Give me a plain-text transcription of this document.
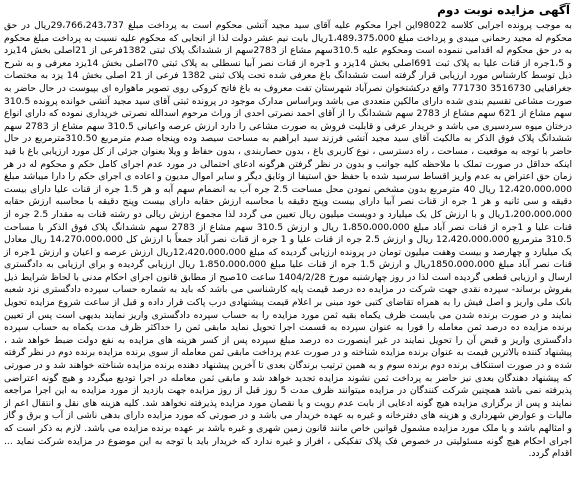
آگهی مزایده نوبت دوم

به موجب پرونده اجرایی کلاسه 98022این اجرا محکوم علیه آقای سید مجید آتشی محکوم است به پرداخت مبلغ 29،766،243،737ریال در حق محکوم له مجید رحمانی میبدی و پرداخت مبلغ 1،489،375،000ریال بابت نیم عشر دولت لذا از انجایی که محکوم علیه نسبت به پرداخت مبلغ محکوم به در حق محکوم له اقدامی ننموده است ومحکوم علیه 310.5سهم مشاع از 2783سهم از ششدانگ پلاک ثبتی 1382فرعی از 21اصلی بخش 14یزد و 1،5جره از قنات عليا به پلاک ثبت 691اصلی بخش 14یزد و 1جره از قنات نصر آبیا نسطلی به پلاک ثبتی 70اصلی بخش 14یزد معرفی و به شرح ذیل توسط کارشناس مورد ارزیابی قرار گرفته است ششدانگ باغ معرفی شده تحت پلاک ثبتی 1382 فرعی از 21 اصلی بخش 14 یزد به مختصات جغرافیایی 3516730 771730 واقع درکشتخوان نصرآباد شهرستان تفت معروف به باغ فاتح کروکی روی تصویر ماهواره ای بپیوست در حال حاضر به صورت مشاعی تقسیم بندی شده دارای مالکین متعددی می باشد وبراساس مدارک موجود در پرونده ثبتی آقای سید مجید آتشی خوانده پرونده 310.5 سهم مشاع از 621 سهم مشاع از 2783 سهم ششدانگ را از آقای احمد نصرتی احدی از وراث مرحوم اسدالله نصرتی خریداری نموده که دارای انواع درختان میوه سردسیری می باشد و خریدار عرفی و قابلیت فروش به صورت مشاعی را دارد ارزش عرصه واعیانی 310.5 سهم مشاع از 2783 سهم ششدانگ پلاک فوق الذکر به مالکیت آقای سید مجید آتشی فرزند سید ابراهیم به مساحت سیصد وده وپنجاه صدم مترمربع 310.50مترمربع در حال حاضر با توجه به موقعیت ، مساحت ، راه دسترسی ، نوع کاربری باغ ، بدون حصاربندی ، بدون حفاظ و ویلا بعنوان جزئی از کل مورد ارزیابی باغ با قید اینکه حداقل در صورت تملک با ملاحظه کلیه جوانب و بدون در نظر گرفتن هرگونه ادعای احتمالی در مورد عدم اجرای کامل حکم و محکوم له در هر زمان حق اعتراض به عدم واریز اقساط سرسید شده با حفظ حق استیفا از وثایق دیگر و سایر اموال مدیون و اعاده ی اجرای حکم را دارا میباشد مبلغ 12،420،000،000 ریال 40 مترمربع بدون مشخص نمودن محل مساحت 2.5 جره آب به انضمام سهم آبه و هر 1.5 جره از قنات علیا دارای بیست دقیقه و سی ثانیه و هر 1 جره از قنات نصر آبیا دارای بیست وپنج دقیقه با محاسبه ارزش حقابه دارای بیست وپنج دقیقه با محاسبه ارزش حقابه 1،200،000،000ریال و با ارزش کل یک میلیارد و دویست میلیون ریال تعیین می گردد لذا مجموع ارزش ریالی دو رشته قنات به مقدار 2.5 جره از قنات علیا و 1جره از قنات نصر آباد مبلغ 1،850،000،000 ریال و ارزش 310.5 سهم مشاع از 2783 سهم ششدانگ پلاک فوق الذکر با مساحت 310.5 مترمربع 12،420،000،000 ریال و ارزش 2.5 جره از قنات علیا و 1 جره از قنات نصر آباد جمعاً با ارزش کل 14،270،000،000 ریال معادل یک میلیارد و چهارصد و بیست وهفت میلیون تومان در پرونده ارزیابی گردیده که مبلغ 12،420،000،000ریال ارزش عرصه و اعیان و ارزش 1جره از قنات نصر آباد مبلغ 1850،000،000ریال و ارزش 1.5 جره از قنات علیا مبلغ 1،850،000،000 ریال ارزیابی گردیده و برای ارزیابی به دادگستری ارسال و ارزیابی قطعی گردیده است لذا در روز چهارشنبه مورخ 1404/2/28 ساعت 10صبح از مطابق قانون اجرای احکام مدنی با لحاظ شرایط ذیل بفروش برساند- سپرده نقدی جهت شرکت در مزایده ده درصد قیمت پایه کارشناسی می باشد که باید به شماره حساب سپرده دادگستری نزد شعبه بانک ملی واریز و اصل فیش را به همراه تقاضای کتبی خود مبنی بر اعلام قیمت پیشنهادی درب پاکت قرار داده و قبل از ساعت شروع مزایده تحویل نمایند و در صورت برنده شدن می بایست ظرف یکماه بقیه ثمن مورد مزایده را به حساب سپرده دادگستری واریز نمایند بدیهی است پس از تعیین برنده مزایده ده درصد ثمن معامله را فورا به عنوان سپرده به قسمت اجرا تحویل نماید مابقی ثمن را حداکثر ظرف مدت یکماه به حساب سپرده دادگستری واریز و قبض آن را تحویل نمایند در غیر اینصورت ده درصد مبلغ سپرده پس از کسر هزینه های مزایده به نفع دولت ضبط خواهد شد ، پیشنهاد کننده بالاترین قیمت به عنوان برنده مزایده شناخته و در صورت عدم پرداخت مابقی ثمن معامله از سوی برنده مزایده برنده دوم در نظر گرفته شده و در صورت استنکاف برنده دوم برنده سوم و به همین ترتیب برندگان بعدی تا آخرین پیشنهاد دهنده برنده مزایده شناخته خواهند شد و در صورتی که پیشنهاد دهندگان بعدی نیز حاضر به پرداخت ثمن نشوند مزایده تجدید خواهد شد و مابقی ثمن معامله در اجرا تودیع میگردد و هیچ گونه اعتراضی پذیرفته نمی باشد همچنین شرکت کنندگان در مزایده میتوانند ظرف مدت 5 روز قبل از روز مزایده جهت بازدید از مورد مزایده به این اجرا مراجعه نمایند و پس از برگزاری مزایده هیچ گونه ادعایی از بابت عدم رویت و یا نقصان مورد مزایده پذیرفته نخواهد شد. کلیه هزینه های نقل و انتقال اعم از مالیات و عوارض شهرداری و هزینه های دفترخانه و غیره به عهده خریدار می باشد و در صورتی که مورد مزایده دارای بدهی ناشی از آب و برق و گاز و امثالهم باشد و یا ملک مورد مزایده مشمول قوانین خاص مانند قانون زمین شهری و غیره باشد بر عهده برنده مزایده می باشد. لازم به ذکر است که اجرای احکام هیچ گونه مسئولیتی در خصوص فک پلاک تفکیکی ، افراز و غیره ندارد که خریدار باید با توجه به این موضوع در مزایده شرکت نماید ... اقدام گردد.
